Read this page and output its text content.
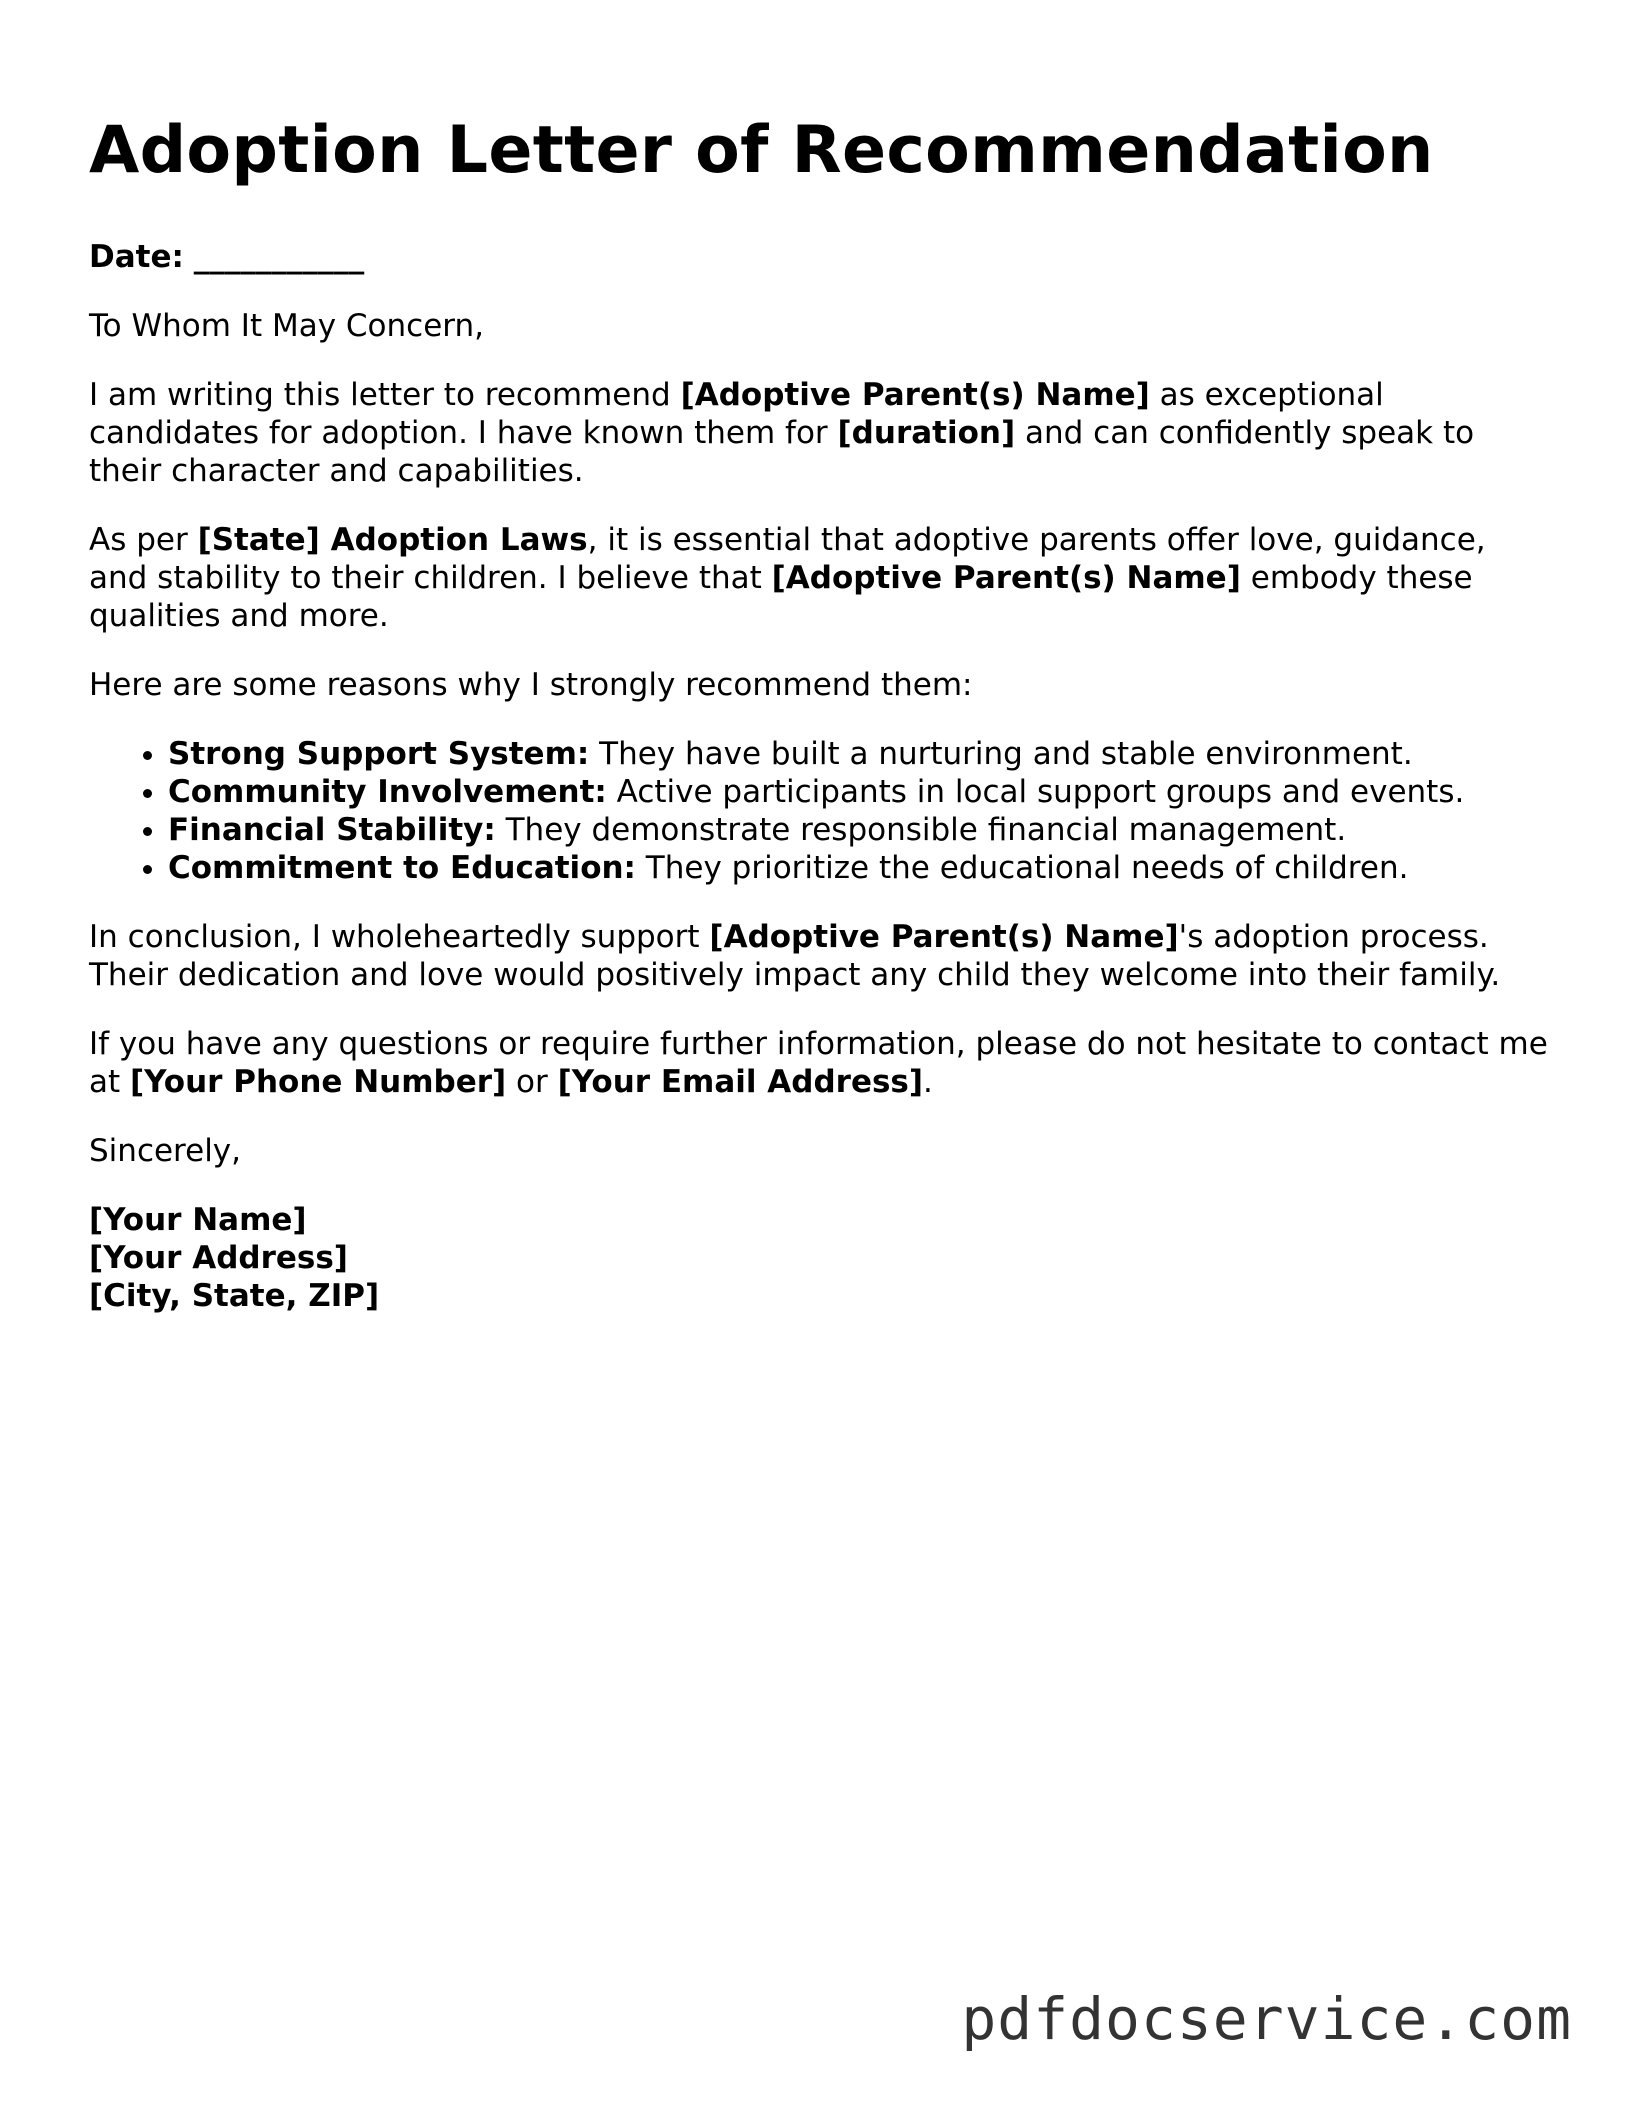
Adoption Letter of Recommendation

Date: ___________

To Whom It May Concern,

I am writing this letter to recommend [Adoptive Parent(s) Name] as exceptional candidates for adoption. I have known them for [duration] and can confidently speak to their character and capabilities.

As per [State] Adoption Laws, it is essential that adoptive parents offer love, guidance, and stability to their children. I believe that [Adoptive Parent(s) Name] embody these qualities and more.

Here are some reasons why I strongly recommend them:

• Strong Support System: They have built a nurturing and stable environment.
• Community Involvement: Active participants in local support groups and events.
• Financial Stability: They demonstrate responsible financial management.
• Commitment to Education: They prioritize the educational needs of children.

In conclusion, I wholeheartedly support [Adoptive Parent(s) Name]'s adoption process. Their dedication and love would positively impact any child they welcome into their family.

If you have any questions or require further information, please do not hesitate to contact me at [Your Phone Number] or [Your Email Address].

Sincerely,

[Your Name]

[Your Address]

[City, State, ZIP]

pdfdocservice.com
